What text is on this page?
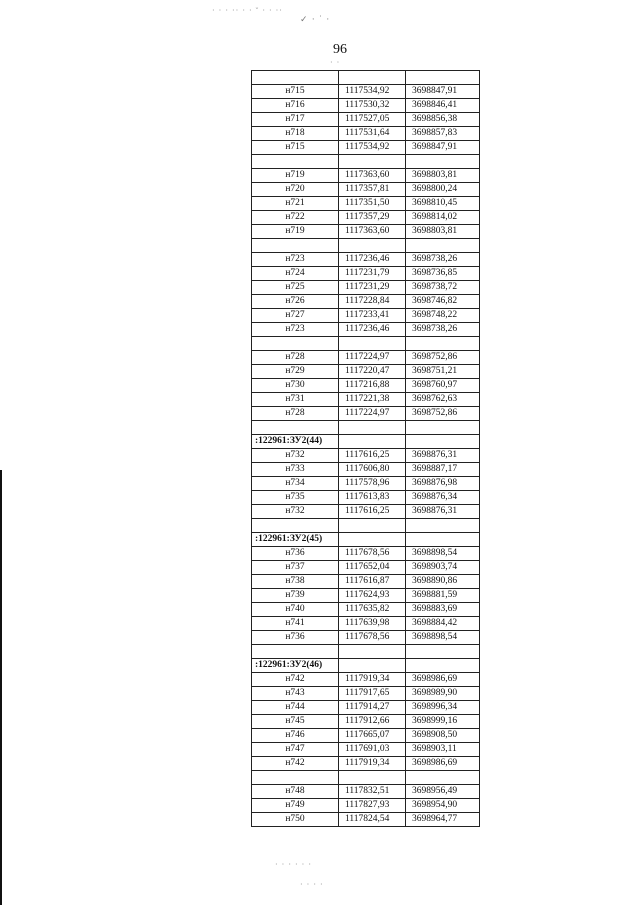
· · · ·· · · ˘ · · ··
✓ · ˙ ·
· ·
· · · · · ·
· · · ·
96

н715	1117534,92	3698847,91
н716	1117530,32	3698846,41
н717	1117527,05	3698856,38
н718	1117531,64	3698857,83
н715	1117534,92	3698847,91

н719	1117363,60	3698803,81
н720	1117357,81	3698800,24
н721	1117351,50	3698810,45
н722	1117357,29	3698814,02
н719	1117363,60	3698803,81

н723	1117236,46	3698738,26
н724	1117231,79	3698736,85
н725	1117231,29	3698738,72
н726	1117228,84	3698746,82
н727	1117233,41	3698748,22
н723	1117236,46	3698738,26

н728	1117224,97	3698752,86
н729	1117220,47	3698751,21
н730	1117216,88	3698760,97
н731	1117221,38	3698762,63
н728	1117224,97	3698752,86

:122961:ЗУ2(44)		
н732	1117616,25	3698876,31
н733	1117606,80	3698887,17
н734	1117578,96	3698876,98
н735	1117613,83	3698876,34
н732	1117616,25	3698876,31

:122961:ЗУ2(45)		
н736	1117678,56	3698898,54
н737	1117652,04	3698903,74
н738	1117616,87	3698890,86
н739	1117624,93	3698881,59
н740	1117635,82	3698883,69
н741	1117639,98	3698884,42
н736	1117678,56	3698898,54

:122961:ЗУ2(46)		
н742	1117919,34	3698986,69
н743	1117917,65	3698989,90
н744	1117914,27	3698996,34
н745	1117912,66	3698999,16
н746	1117665,07	3698908,50
н747	1117691,03	3698903,11
н742	1117919,34	3698986,69

н748	1117832,51	3698956,49
н749	1117827,93	3698954,90
н750	1117824,54	3698964,77
